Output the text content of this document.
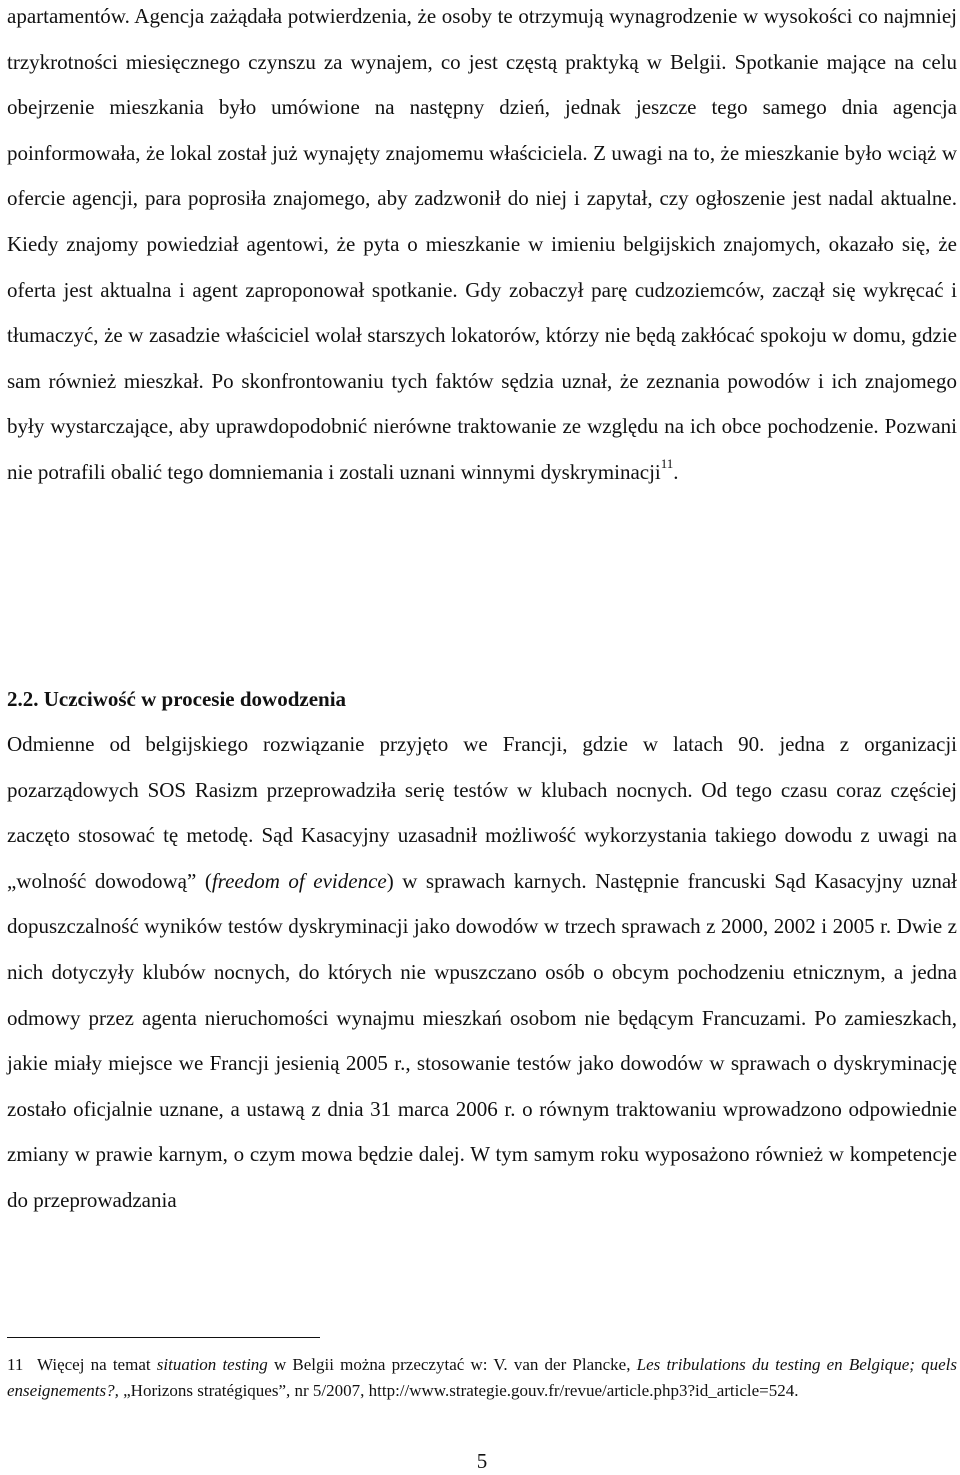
apartamentów. Agencja zażądała potwierdzenia, że osoby te otrzymują wynagrodzenie w wysokości co najmniej trzykrotności miesięcznego czynszu za wynajem, co jest częstą praktyką w Belgii. Spotkanie mające na celu obejrzenie mieszkania było umówione na następny dzień, jednak jeszcze tego samego dnia agencja poinformowała, że lokal został już wynajęty znajomemu właściciela. Z uwagi na to, że mieszkanie było wciąż w ofercie agencji, para poprosiła znajomego, aby zadzwonił do niej i zapytał, czy ogłoszenie jest nadal aktualne. Kiedy znajomy powiedział agentowi, że pyta o mieszkanie w imieniu belgijskich znajomych, okazało się, że oferta jest aktualna i agent zaproponował spotkanie. Gdy zobaczył parę cudzoziemców, zaczął się wykręcać i tłumaczyć, że w zasadzie właściciel wolał starszych lokatorów, którzy nie będą zakłócać spokoju w domu, gdzie sam również mieszkał. Po skonfrontowaniu tych faktów sędzia uznał, że zeznania powodów i ich znajomego były wystarczające, aby uprawdopodobnić nierówne traktowanie ze względu na ich obce pochodzenie. Pozwani nie potrafili obalić tego domniemania i zostali uznani winnymi dyskryminacji$^{11}$.

2.2. Uczciwość w procesie dowodzenia

Odmienne od belgijskiego rozwiązanie przyjęto we Francji, gdzie w latach 90. jedna z organizacji pozarządowych SOS Rasizm przeprowadziła serię testów w klubach nocnych. Od tego czasu coraz częściej zaczęto stosować tę metodę. Sąd Kasacyjny uzasadnił możliwość wykorzystania takiego dowodu z uwagi na „wolność dowodową” (freedom of evidence) w sprawach karnych. Następnie francuski Sąd Kasacyjny uznał dopuszczalność wyników testów dyskryminacji jako dowodów w trzech sprawach z 2000, 2002 i 2005 r. Dwie z nich dotyczyły klubów nocnych, do których nie wpuszczano osób o obcym pochodzeniu etnicznym, a jedna odmowy przez agenta nieruchomości wynajmu mieszkań osobom nie będącym Francuzami. Po zamieszkach, jakie miały miejsce we Francji jesienią 2005 r., stosowanie testów jako dowodów w sprawach o dyskryminację zostało oficjalnie uznane, a ustawą z dnia 31 marca 2006 r. o równym traktowaniu wprowadzono odpowiednie zmiany w prawie karnym, o czym mowa będzie dalej. W tym samym roku wyposażono również w kompetencje do przeprowadzania

11 Więcej na temat situation testing w Belgii można przeczytać w: V. van der Plancke, Les tribulations du testing en Belgique; quels enseignements?, „Horizons stratégiques”, nr 5/2007, http://www.strategie.gouv.fr/revue/article.php3?id_article=524.

5
